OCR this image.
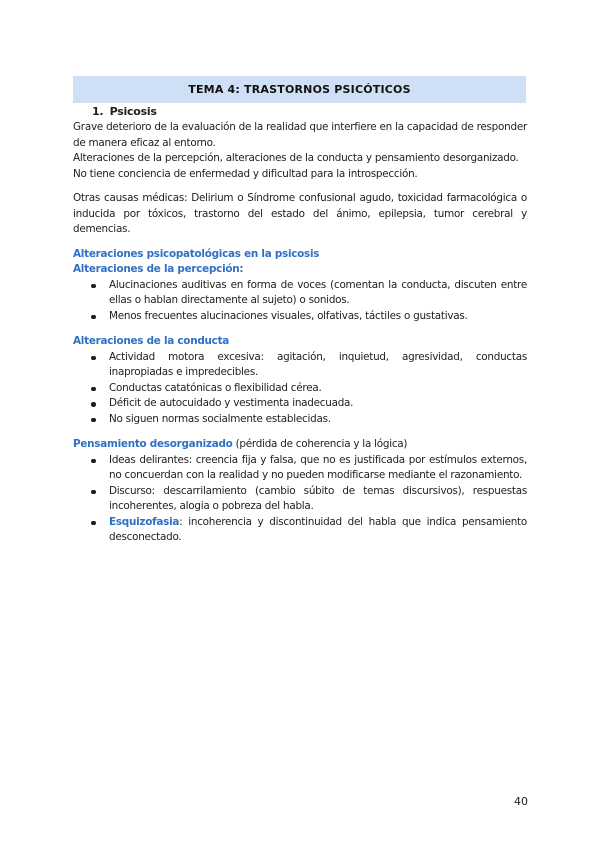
TEMA 4: TRASTORNOS PSICÓTICOS
1. Psicosis

Grave deterioro de la evaluación de la realidad que interfiere en la capacidad de responder de manera eficaz al entorno.

Alteraciones de la percepción, alteraciones de la conducta y pensamiento desorganizado.

No tiene conciencia de enfermedad y dificultad para la introspección.

Otras causas médicas: Delirium o Síndrome confusional agudo, toxicidad farmacológica o inducida por tóxicos, trastorno del estado del ánimo, epilepsia, tumor cerebral y demencias.

Alteraciones psicopatológicas en la psicosis

Alteraciones de la percepción:

Alucinaciones auditivas en forma de voces (comentan la conducta, discuten entre ellas o hablan directamente al sujeto) o sonidos.
Menos frecuentes alucinaciones visuales, olfativas, táctiles o gustativas.

Alteraciones de la conducta

Actividad motora excesiva: agitación, inquietud, agresividad, conductas inapropiadas e impredecibles.
Conductas catatónicas o flexibilidad cérea.
Déficit de autocuidado y vestimenta inadecuada.
No siguen normas socialmente establecidas.

Pensamiento desorganizado (pérdida de coherencia y la lógica)

Ideas delirantes: creencia fija y falsa, que no es justificada por estímulos externos, no concuerdan con la realidad y no pueden modificarse mediante el razonamiento.
Discurso: descarrilamiento (cambio súbito de temas discursivos), respuestas incoherentes, alogia o pobreza del habla.
Esquizofasia: incoherencia y discontinuidad del habla que indica pensamiento desconectado.
40
